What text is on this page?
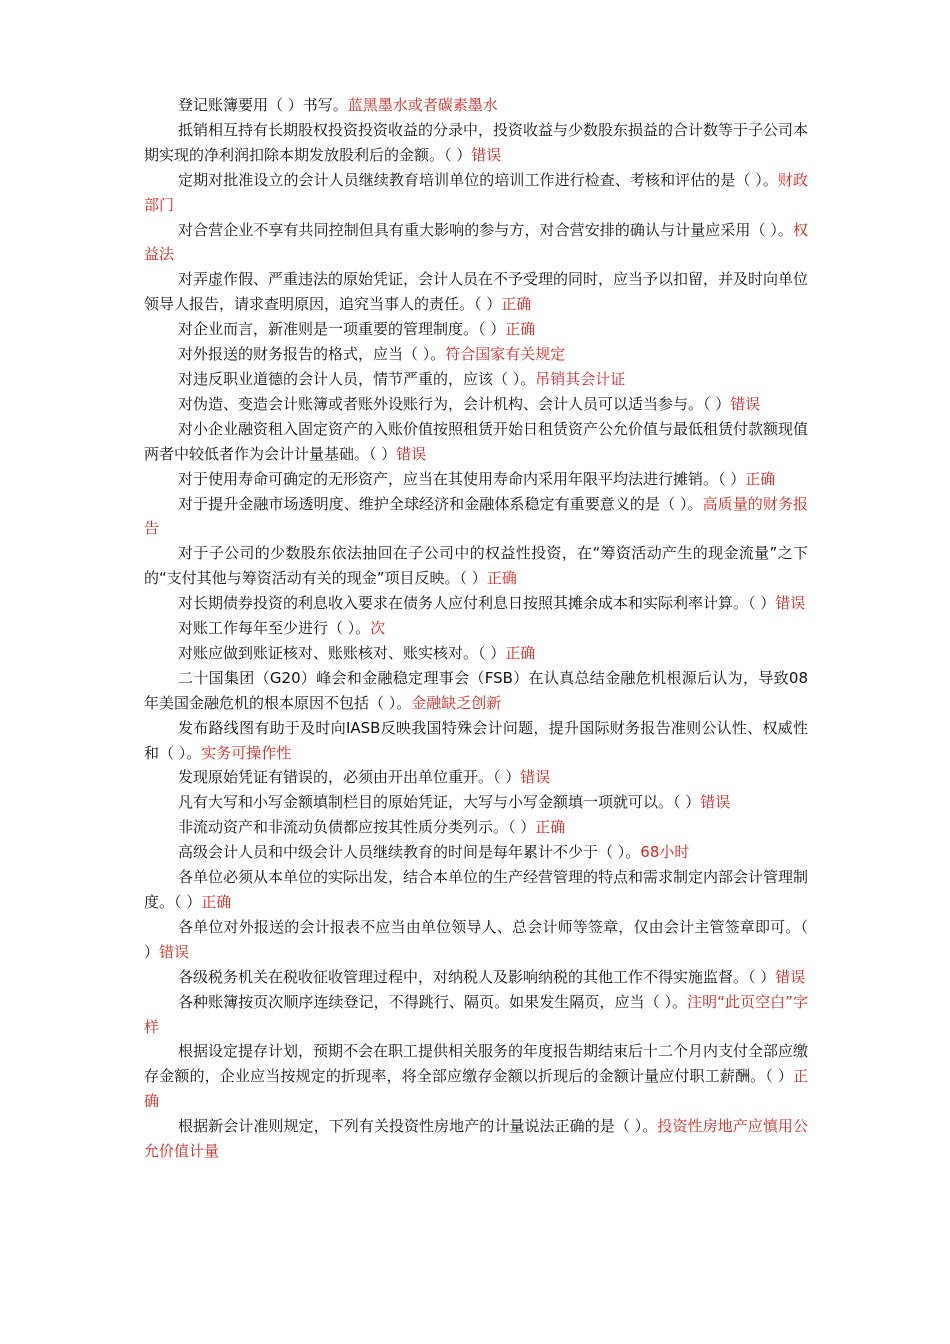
登记账簿要用（ ）书写。蓝黑墨水或者碳素墨水

抵销相互持有长期股权投资投资收益的分录中，投资收益与少数股东损益的合计数等于子公司本期实现的净利润扣除本期发放股利后的金额。（ ）错误

定期对批准设立的会计人员继续教育培训单位的培训工作进行检查、考核和评估的是（ ）。财政部门

对合营企业不享有共同控制但具有重大影响的参与方，对合营安排的确认与计量应采用（ ）。权益法

对弄虚作假、严重违法的原始凭证，会计人员在不予受理的同时，应当予以扣留，并及时向单位领导人报告，请求查明原因，追究当事人的责任。（ ）正确

对企业而言，新准则是一项重要的管理制度。（ ）正确

对外报送的财务报告的格式，应当（ ）。符合国家有关规定

对违反职业道德的会计人员，情节严重的，应该（ ）。吊销其会计证

对伪造、变造会计账簿或者账外设账行为，会计机构、会计人员可以适当参与。（ ）错误

对小企业融资租入固定资产的入账价值按照租赁开始日租赁资产公允价值与最低租赁付款额现值两者中较低者作为会计计量基础。（ ）错误

对于使用寿命可确定的无形资产，应当在其使用寿命内采用年限平均法进行摊销。（ ）正确

对于提升金融市场透明度、维护全球经济和金融体系稳定有重要意义的是（ ）。高质量的财务报告

对于子公司的少数股东依法抽回在子公司中的权益性投资，在“筹资活动产生的现金流量”之下的“支付其他与筹资活动有关的现金”项目反映。（ ）正确

对长期债券投资的利息收入要求在债务人应付利息日按照其摊余成本和实际利率计算。（ ）错误

对账工作每年至少进行（ ）。次

对账应做到账证核对、账账核对、账实核对。（ ）正确

二十国集团（G20）峰会和金融稳定理事会（FSB）在认真总结金融危机根源后认为，导致08年美国金融危机的根本原因不包括（ ）。金融缺乏创新

发布路线图有助于及时向IASB反映我国特殊会计问题，提升国际财务报告准则公认性、权威性和（ ）。实务可操作性

发现原始凭证有错误的，必须由开出单位重开。（ ）错误

凡有大写和小写金额填制栏目的原始凭证，大写与小写金额填一项就可以。（ ）错误

非流动资产和非流动负债都应按其性质分类列示。（ ）正确

高级会计人员和中级会计人员继续教育的时间是每年累计不少于（ ）。68小时

各单位必须从本单位的实际出发，结合本单位的生产经营管理的特点和需求制定内部会计管理制度。（ ）正确

各单位对外报送的会计报表不应当由单位领导人、总会计师等签章，仅由会计主管签章即可。（ ）错误

各级税务机关在税收征收管理过程中，对纳税人及影响纳税的其他工作不得实施监督。（ ）错误

各种账簿按页次顺序连续登记，不得跳行、隔页。如果发生隔页，应当（ ）。注明“此页空白”字样

根据设定提存计划，预期不会在职工提供相关服务的年度报告期结束后十二个月内支付全部应缴存金额的，企业应当按规定的折现率，将全部应缴存金额以折现后的金额计量应付职工薪酬。（ ）正确

根据新会计准则规定，下列有关投资性房地产的计量说法正确的是（ ）。投资性房地产应慎用公允价值计量
